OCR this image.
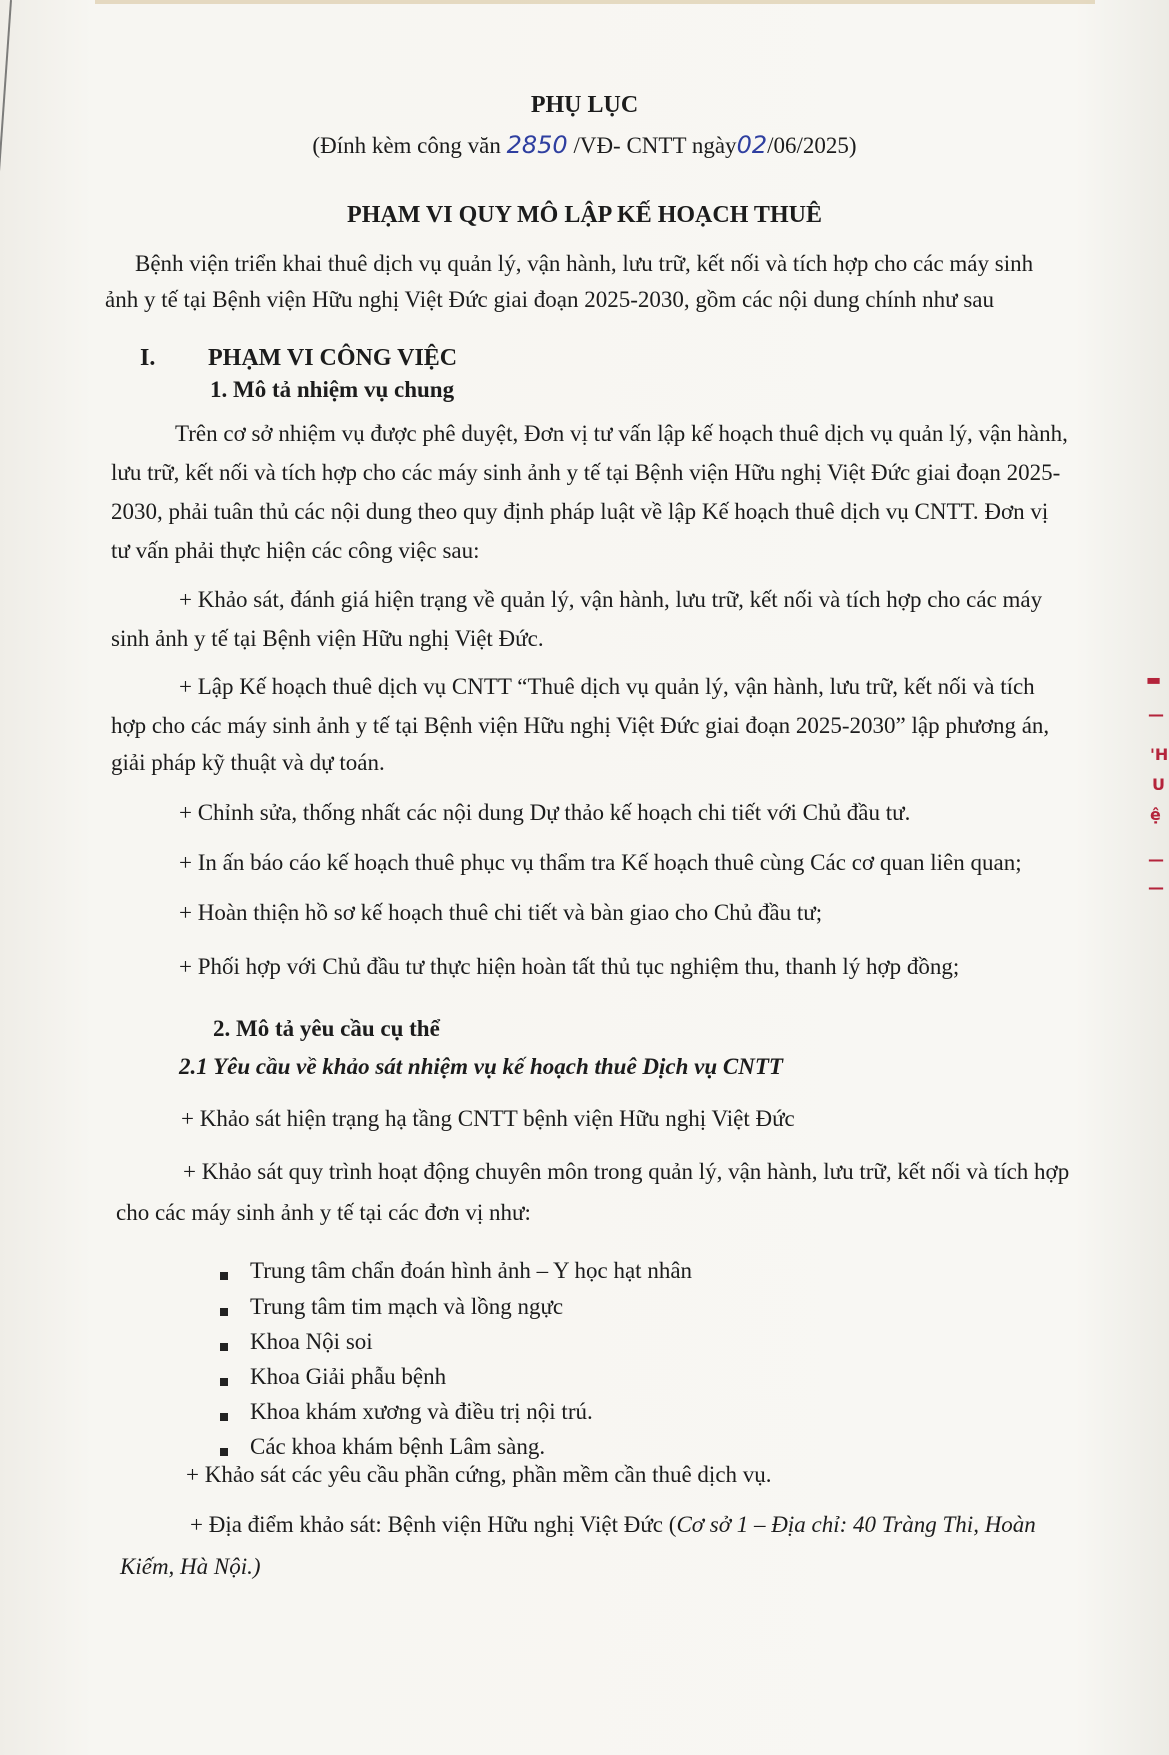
PHỤ LỤC
(Đính kèm công văn 2850 /VĐ- CNTT ngày02/06/2025)
PHẠM VI QUY MÔ LẬP KẾ HOẠCH THUÊ
Bệnh viện triển khai thuê dịch vụ quản lý, vận hành, lưu trữ, kết nối và tích hợp cho các máy sinh
ảnh y tế tại Bệnh viện Hữu nghị Việt Đức giai đoạn 2025-2030, gồm các nội dung chính như sau
I. PHẠM VI CÔNG VIỆC
1. Mô tả nhiệm vụ chung
Trên cơ sở nhiệm vụ được phê duyệt, Đơn vị tư vấn lập kế hoạch thuê dịch vụ quản lý, vận hành,
lưu trữ, kết nối và tích hợp cho các máy sinh ảnh y tế tại Bệnh viện Hữu nghị Việt Đức giai đoạn 2025-
2030, phải tuân thủ các nội dung theo quy định pháp luật về lập Kế hoạch thuê dịch vụ CNTT. Đơn vị
tư vấn phải thực hiện các công việc sau:
+ Khảo sát, đánh giá hiện trạng về quản lý, vận hành, lưu trữ, kết nối và tích hợp cho các máy
sinh ảnh y tế tại Bệnh viện Hữu nghị Việt Đức.
+ Lập Kế hoạch thuê dịch vụ CNTT “Thuê dịch vụ quản lý, vận hành, lưu trữ, kết nối và tích
hợp cho các máy sinh ảnh y tế tại Bệnh viện Hữu nghị Việt Đức giai đoạn 2025-2030” lập phương án,
giải pháp kỹ thuật và dự toán.
+ Chỉnh sửa, thống nhất các nội dung Dự thảo kế hoạch chi tiết với Chủ đầu tư.
+ In ấn báo cáo kế hoạch thuê phục vụ thẩm tra Kế hoạch thuê cùng Các cơ quan liên quan;
+ Hoàn thiện hồ sơ kế hoạch thuê chi tiết và bàn giao cho Chủ đầu tư;
+ Phối hợp với Chủ đầu tư thực hiện hoàn tất thủ tục nghiệm thu, thanh lý hợp đồng;
2. Mô tả yêu cầu cụ thể
2.1 Yêu cầu về khảo sát nhiệm vụ kế hoạch thuê Dịch vụ CNTT
+ Khảo sát hiện trạng hạ tầng CNTT bệnh viện Hữu nghị Việt Đức
+ Khảo sát quy trình hoạt động chuyên môn trong quản lý, vận hành, lưu trữ, kết nối và tích hợp
cho các máy sinh ảnh y tế tại các đơn vị như:
Trung tâm chẩn đoán hình ảnh – Y học hạt nhân
Trung tâm tim mạch và lồng ngực
Khoa Nội soi
Khoa Giải phẫu bệnh
Khoa khám xương và điều trị nội trú.
Các khoa khám bệnh Lâm sàng.
+ Khảo sát các yêu cầu phần cứng, phần mềm cần thuê dịch vụ.
+ Địa điểm khảo sát: Bệnh viện Hữu nghị Việt Đức (Cơ sở 1 – Địa chỉ: 40 Tràng Thi, Hoàn
Kiếm, Hà Nội.)
▬
—
'H
U
ệ
—
—
